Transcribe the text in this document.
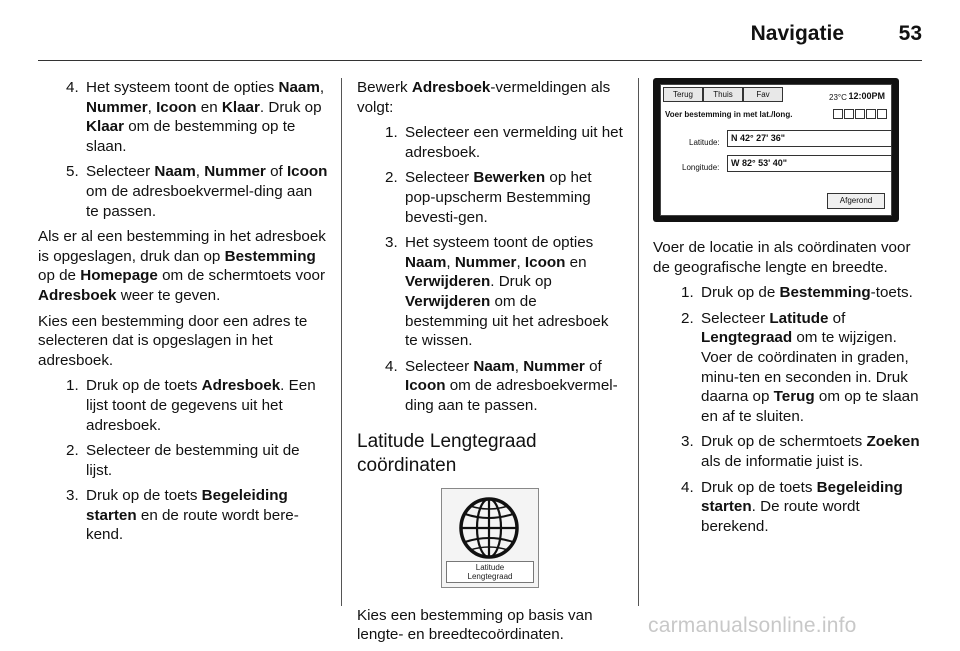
Navigatie	53
4. Het systeem toont de opties Naam, Nummer, Icoon en Klaar. Druk op Klaar om de bestemming op te slaan.
5. Selecteer Naam, Nummer of Icoon om de adresboekvermel-ding aan te passen.

Als er al een bestemming in het adresboek is opgeslagen, druk dan op Bestemming op de Homepage om de schermtoets voor Adresboek weer te geven.

Kies een bestemming door een adres te selecteren dat is opgeslagen in het adresboek.

1. Druk op de toets Adresboek. Een lijst toont de gegevens uit het adresboek.
2. Selecteer de bestemming uit de lijst.
3. Druk op de toets Begeleiding starten en de route wordt bere-kend.

Bewerk Adresboek-vermeldingen als volgt:

1. Selecteer een vermelding uit het adresboek.
2. Selecteer Bewerken op het pop-upscherm Bestemming bevesti-gen.
3. Het systeem toont de opties Naam, Nummer, Icoon en Verwijderen. Druk op Verwijderen om de bestemming uit het adresboek te wissen.
4. Selecteer Naam, Nummer of Icoon om de adresboekvermel-ding aan te passen.
Latitude Lengtegraad coördinaten
Latitude
Lengtegraad

Kies een bestemming op basis van lengte- en breedtecoördinaten.

Terug	Thuis	Fav	23°C 12:00PM
Voer bestemming in met lat./long.
Latitude:	N 42° 27' 36"
Longitude:	W 82° 53' 40"
Afgerond

Voer de locatie in als coördinaten voor de geografische lengte en breedte.

1. Druk op de Bestemming-toets.
2. Selecteer Latitude of Lengtegraad om te wijzigen. Voer de coördinaten in graden, minu-ten en seconden in. Druk daarna op Terug om op te slaan en af te sluiten.
3. Druk op de schermtoets Zoeken als de informatie juist is.
4. Druk op de toets Begeleiding starten. De route wordt berekend.
carmanualsonline.info
